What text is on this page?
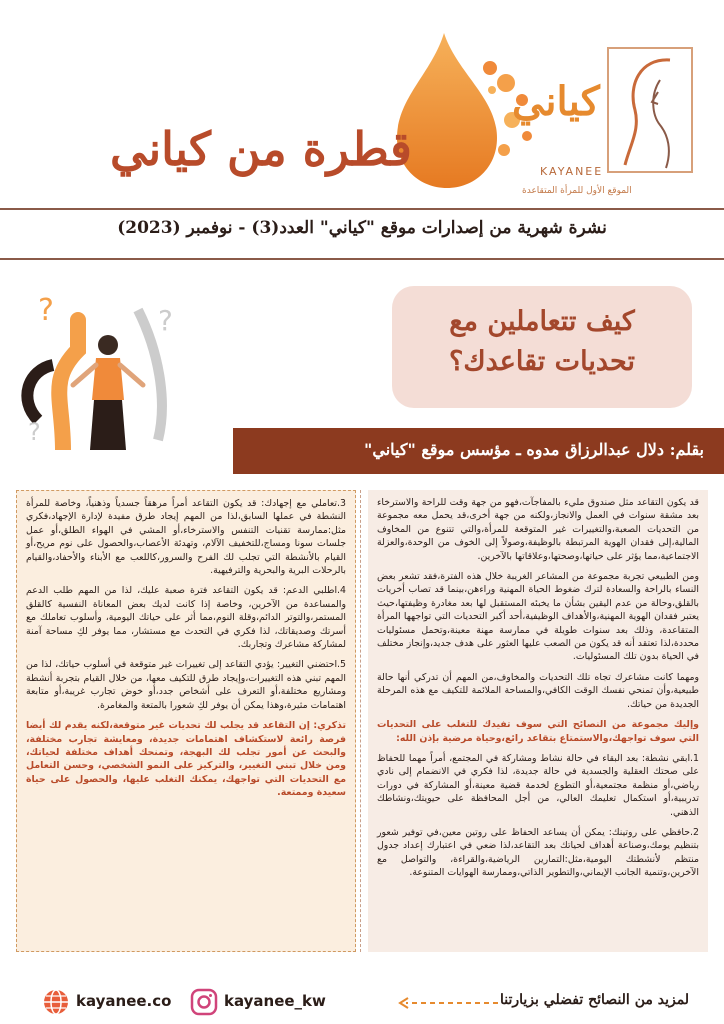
قطرة من كياني
كياني
KAYANEE
الموقع الأول للمرأة المتقاعدة
نشرة شهرية من إصدارات موقع "كياني" العدد(3) - نوفمبر (2023)
?	?
?
كيف تتعاملين مع
تحديات تقاعدك؟
بقلم: دلال عبدالرزاق مدوه ـ مؤسس موقع "كياني"

قد يكون التقاعد مثل صندوق مليء بالمفاجآت،فهو من جهة وقت للراحة والاسترخاء بعد مشقة سنوات في العمل والانجاز،ولكنه من جهة أخرى،قد يحمل معه مجموعة من التحديات الصعبة،والتغييرات غير المتوقعة للمرأة،والتي تتنوع من المخاوف المالية،إلى فقدان الهوية المرتبطة بالوظيفة،وصولاً إلى الخوف من الوحدة،والعزلة الاجتماعية،مما يؤثر على حياتها،وصحتها،وعلاقاتها بالآخرين.

ومن الطبيعي تجربة مجموعة من المشاعر الغريبة خلال هذه الفترة،فقد تشعر بعض النساء بالراحة والسعادة لترك ضغوط الحياة المهنية وراءهن،بينما قد تصاب أخريات بالقلق،وحالة من عدم اليقين بشأن ما يخبئه المستقبل لها بعد مغادرة وظيفتها،حيث يعتبر فقدان الهوية المهنية،والأهداف الوظيفية،أحد أكبر التحديات التي تواجهها المرأة المتقاعدة، وذلك بعد سنوات طويلة في ممارسة مهنة معينة،وتحمل مسئوليات محددة،لذا تعتقد أنه قد يكون من الصعب عليها العثور على هدف جديد،وإنجاز مختلف في الحياة بدون تلك المسئوليات.

ومهما كانت مشاعرك تجاه تلك التحديات والمخاوف،من المهم أن تدركي أنها حالة طبيعية،وأن تمنحي نفسك الوقت الكافي،والمساحة الملائمة للتكيف مع هذه المرحلة الجديدة من حياتك.

وإليك مجموعة من النصائح التي سوف تفيدك للتغلب على التحديات التي سوف تواجهك،والاستمتاع بتقاعد رائع،وحياة مرضية بإذن الله:

1.ابقي نشطة: بعد البقاء في حالة نشاط ومشاركة في المجتمع، أمراً مهما للحفاظ على صحتك العقلية والجسدية في حالة جديدة، لذا فكري في الانضمام إلى نادي رياضي،أو منظمة مجتمعية،أو التطوع لخدمة قضية معينة،أو المشاركة في دورات تدريبية،أو استكمال تعليمك العالي، من أجل المحافظة على حيويتك،ونشاطك الذهني.

2.حافظي على روتينك: يمكن أن يساعد الحفاظ على روتين معين،في توفير شعور بتنظيم يومك،وصناعة أهداف لحياتك بعد التقاعد،لذا ضعي في اعتبارك إعداد جدول منتظم لأنشطتك اليومية،مثل:التمارين الرياضية،والقراءة، والتواصل مع الآخرين،وتنمية الجانب الإيماني،والتطوير الذاتي،وممارسة الهوايات المتنوعة.

3.تعاملي مع إجهادك: قد يكون التقاعد أمراً مرهقاً جسدياً وذهنياً، وخاصة للمرأة النشطة في عملها السابق،لذا من المهم إيجاد طرق مفيدة لإدارة الإجهاد،فكري مثل:ممارسة تقنيات التنفس والاسترخاء،أو المشي في الهواء الطلق،أو عمل جلسات سونا ومساج،للتخفيف الآلام، وتهدئة الأعصاب،والحصول على نوم مريح،أو القيام بالأنشطة التي تجلب لك الفرح والسرور،كاللعب مع الأبناء والأحفاد،والقيام بالرحلات البرية والبحرية والترفيهية.

4.اطلبي الدعم: قد يكون التقاعد فترة صعبة عليك، لذا من المهم طلب الدعم والمساعدة من الآخرين، وخاصة إذا كانت لديك بعض المعاناة النفسية كالقلق المستمر،والتوتر الدائم،وقلة النوم،مما أثر على حياتك اليومية، وأسلوب تعاملك مع أسرتك وصديقاتك، لذا فكري في التحدث مع مستشار، مما يوفر لكِ مساحة آمنة لمشاركة مشاعرك وتجاربك.

5.احتضني التغيير: يؤدي التقاعد إلى تغييرات غير متوقعة في أسلوب حياتك، لذا من المهم تبني هذه التغييرات،وإيجاد طرق للتكيف معها، من خلال القيام بتجربة أنشطة ومشاريع مختلفة،أو التعرف على أشخاص جدد،أو خوض تجارب غريبة،أو متابعة اهتمامات مثيرة،وهذا يمكن أن يوفر لكِ شعورا بالمتعة والمغامرة.

تذكري: إن التقاعد قد يجلب لك تحديات غير متوقعة،لكنه يقدم لك أيضا فرصة رائعة لاستكشاف اهتمامات جديدة، ومعايشة تجارب مختلفة، والبحث عن أمور تجلب لك البهجة، وتمنحك أهداف مختلفة لحياتك، ومن خلال تبني التغيير، والتركيز على النمو الشخصي، وحسن التعامل مع التحديات التي تواجهك، يمكنك التغلب عليها، والحصول على حياة سعيدة وممتعة.

لمزيد من النصائح تفضلي بزيارتنا
kayanee_kw
kayanee.co
